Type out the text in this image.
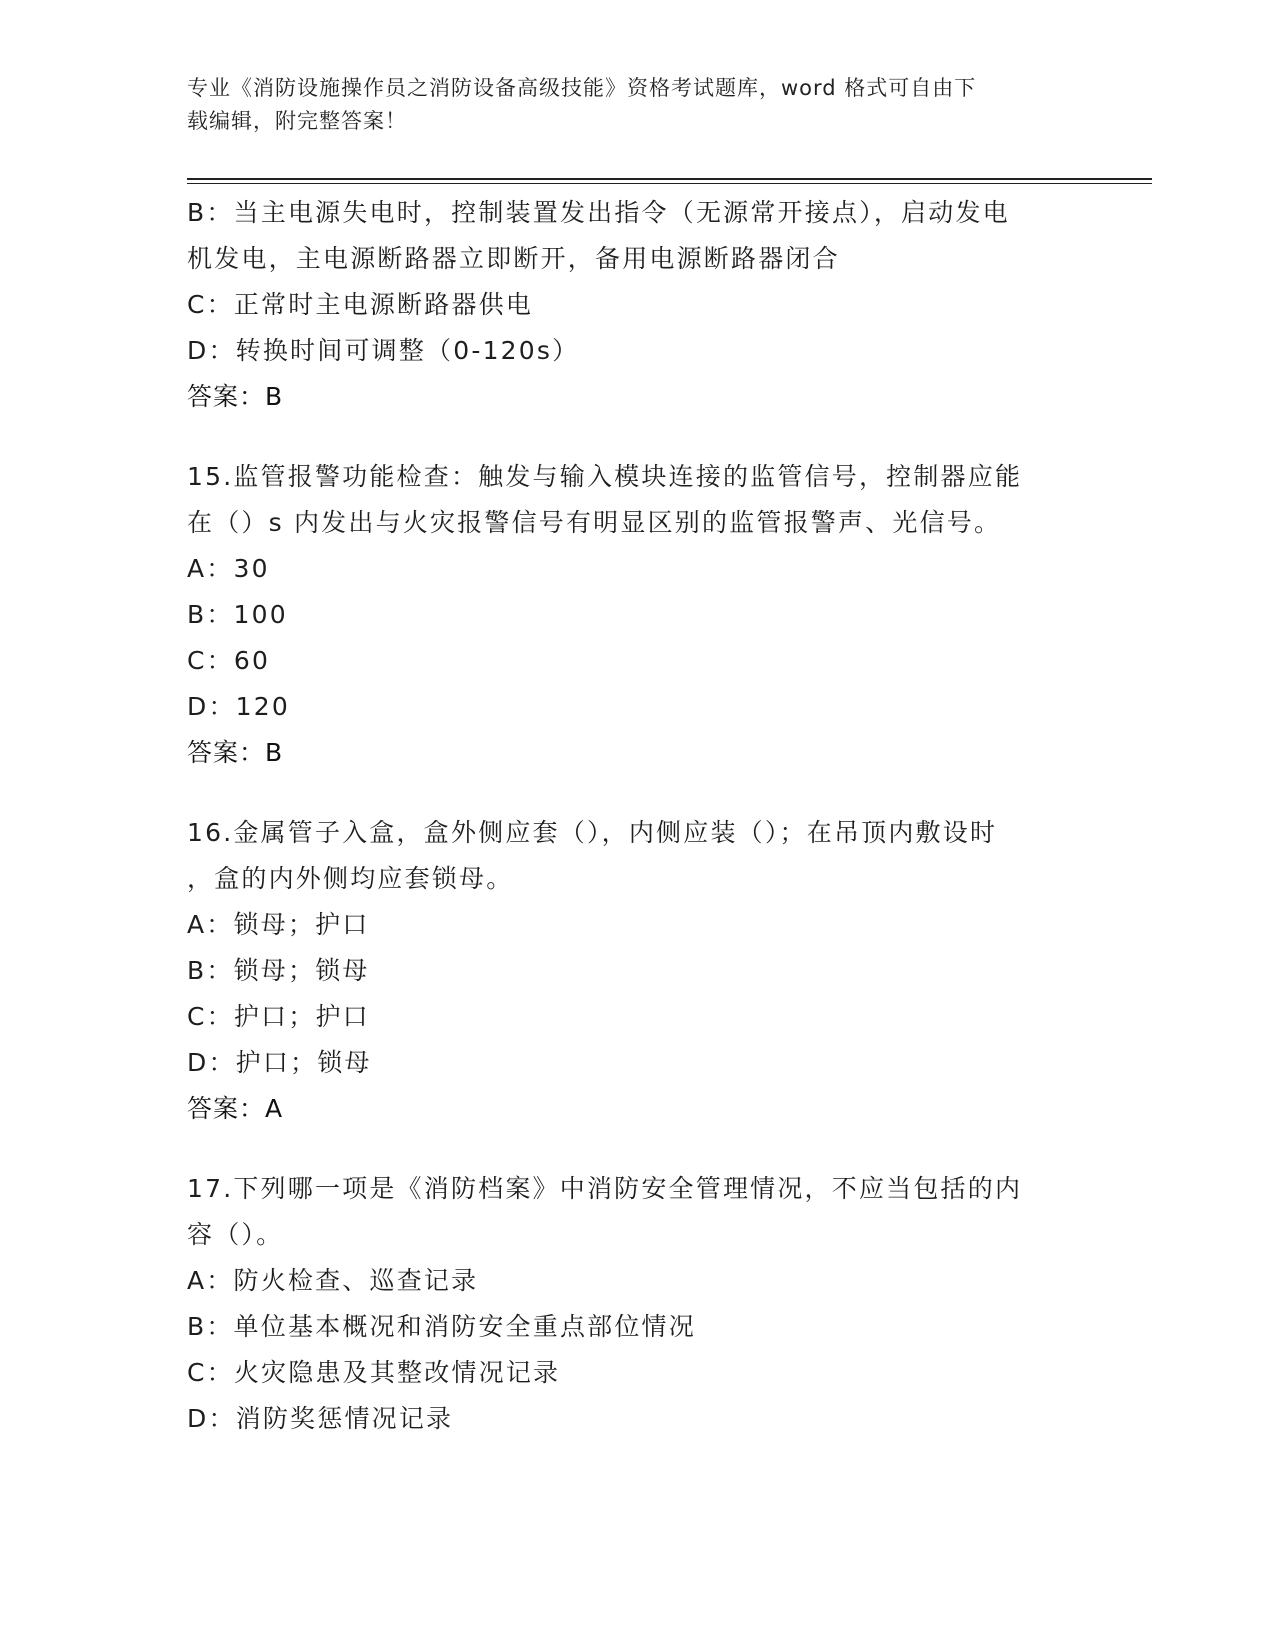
专业《消防设施操作员之消防设备高级技能》资格考试题库，word 格式可自由下
载编辑，附完整答案！
B：当主电源失电时，控制装置发出指令（无源常开接点），启动发电
机发电，主电源断路器立即断开，备用电源断路器闭合
C：正常时主电源断路器供电
D：转换时间可调整（0-120s）
答案：B
15.监管报警功能检查：触发与输入模块连接的监管信号，控制器应能
在（）s 内发出与火灾报警信号有明显区别的监管报警声、光信号。
A：30
B：100
C：60
D：120
答案：B
16.金属管子入盒，盒外侧应套（），内侧应装（）；在吊顶内敷设时
，盒的内外侧均应套锁母。
A：锁母；护口
B：锁母；锁母
C：护口；护口
D：护口；锁母
答案：A
17.下列哪一项是《消防档案》中消防安全管理情况，不应当包括的内
容（）。
A：防火检查、巡查记录
B：单位基本概况和消防安全重点部位情况
C：火灾隐患及其整改情况记录
D：消防奖惩情况记录
